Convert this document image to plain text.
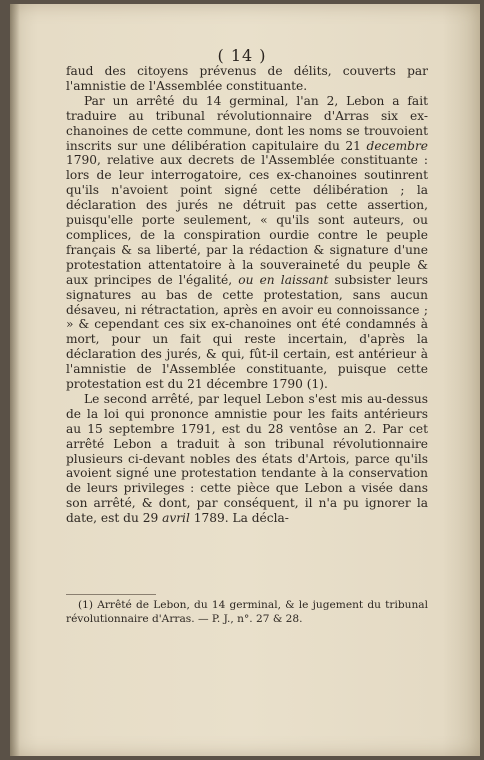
( 14 )

faud des citoyens prévenus de délits, couverts par l'amnistie de l'Assemblée constituante.

Par un arrêté du 14 germinal, l'an 2, Lebon a fait traduire au tribunal révolutionnaire d'Arras six ex-chanoines de cette commune, dont les noms se trouvoient inscrits sur une délibération capitulaire du 21 decembre 1790, relative aux decrets de l'Assemblée constituante : lors de leur interrogatoire, ces ex-chanoines soutinrent qu'ils n'avoient point signé cette délibération ; la déclaration des jurés ne détruit pas cette assertion, puisqu'elle porte seulement, « qu'ils sont auteurs, ou complices, de la conspiration ourdie contre le peuple français & sa liberté, par la rédaction & signature d'une protestation attentatoire à la souveraineté du peuple & aux principes de l'égalité, ou en laissant subsister leurs signatures au bas de cette protestation, sans aucun désaveu, ni rétractation, après en avoir eu connoissance ; » & cependant ces six ex-chanoines ont été condamnés à mort, pour un fait qui reste incertain, d'après la déclaration des jurés, & qui, fût-il certain, est antérieur à l'amnistie de l'Assemblée constituante, puisque cette protestation est du 21 décembre 1790 (1).

Le second arrêté, par lequel Lebon s'est mis au-dessus de la loi qui prononce amnistie pour les faits antérieurs au 15 septembre 1791, est du 28 ventôse an 2. Par cet arrêté Lebon a traduit à son tribunal révolutionnaire plusieurs ci-devant nobles des états d'Artois, parce qu'ils avoient signé une protestation tendante à la conservation de leurs privileges : cette pièce que Lebon a visée dans son arrêté, & dont, par conséquent, il n'a pu ignorer la date, est du 29 avril 1789. La décla-

(1) Arrêté de Lebon, du 14 germinal, & le jugement du tribunal révolutionnaire d'Arras. — P. J., n°. 27 & 28.
